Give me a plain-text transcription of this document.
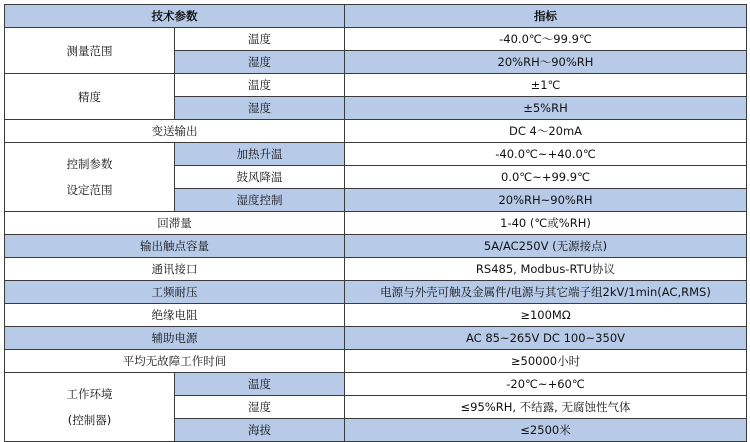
技术参数		指标
测量范围	温度	-40.0℃～99.9℃
	湿度	20%RH～90%RH
精度	温度	±1℃
	湿度	±5%RH
变送输出		DC 4～20mA
控制参数
设定范围	加热升温	-40.0℃~+40.0℃
	鼓风降温	0.0℃~+99.9℃
	湿度控制	20%RH~90%RH
回滞量		1-40 (℃或%RH)
输出触点容量		5A/AC250V (无源接点)
通讯接口		RS485, Modbus-RTU协议
工频耐压		电源与外壳可触及金属件/电源与其它端子组2kV/1min(AC,RMS)
绝缘电阻		≥100MΩ
辅助电源		AC 85~265V DC 100~350V
平均无故障工作时间		≥50000小时
工作环境
(控制器)	温度	-20℃~+60℃
	湿度	≤95%RH, 不结露, 无腐蚀性气体
	海拔	≤2500米
